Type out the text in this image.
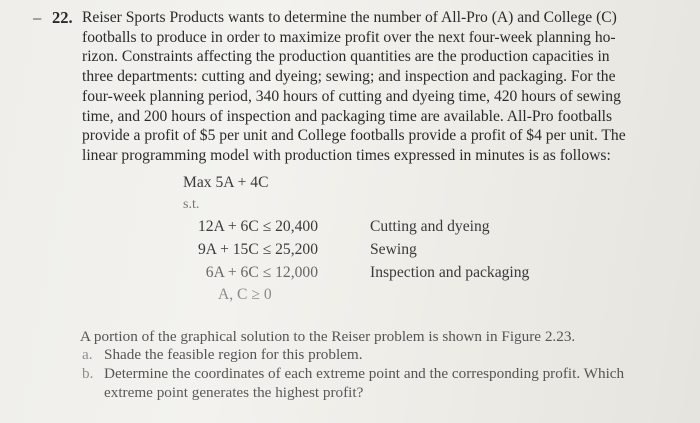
– 22. Reiser Sports Products wants to determine the number of All-Pro (A) and College (C)
footballs to produce in order to maximize profit over the next four-week planning ho-
rizon. Constraints affecting the production quantities are the production capacities in
three departments: cutting and dyeing; sewing; and inspection and packaging. For the
four-week planning period, 340 hours of cutting and dyeing time, 420 hours of sewing
time, and 200 hours of inspection and packaging time are available. All-Pro footballs
provide a profit of $5 per unit and College footballs provide a profit of $4 per unit. The
linear programming model with production times expressed in minutes is as follows:
Max 5A + 4C
s.t.
12A + 6C ≤ 20,400	Cutting and dyeing
9A + 15C ≤ 25,200	Sewing
6A + 6C ≤ 12,000	Inspection and packaging
A, C ≥ 0
A portion of the graphical solution to the Reiser problem is shown in Figure 2.23.
a. Shade the feasible region for this problem.
b. Determine the coordinates of each extreme point and the corresponding profit. Which
extreme point generates the highest profit?
